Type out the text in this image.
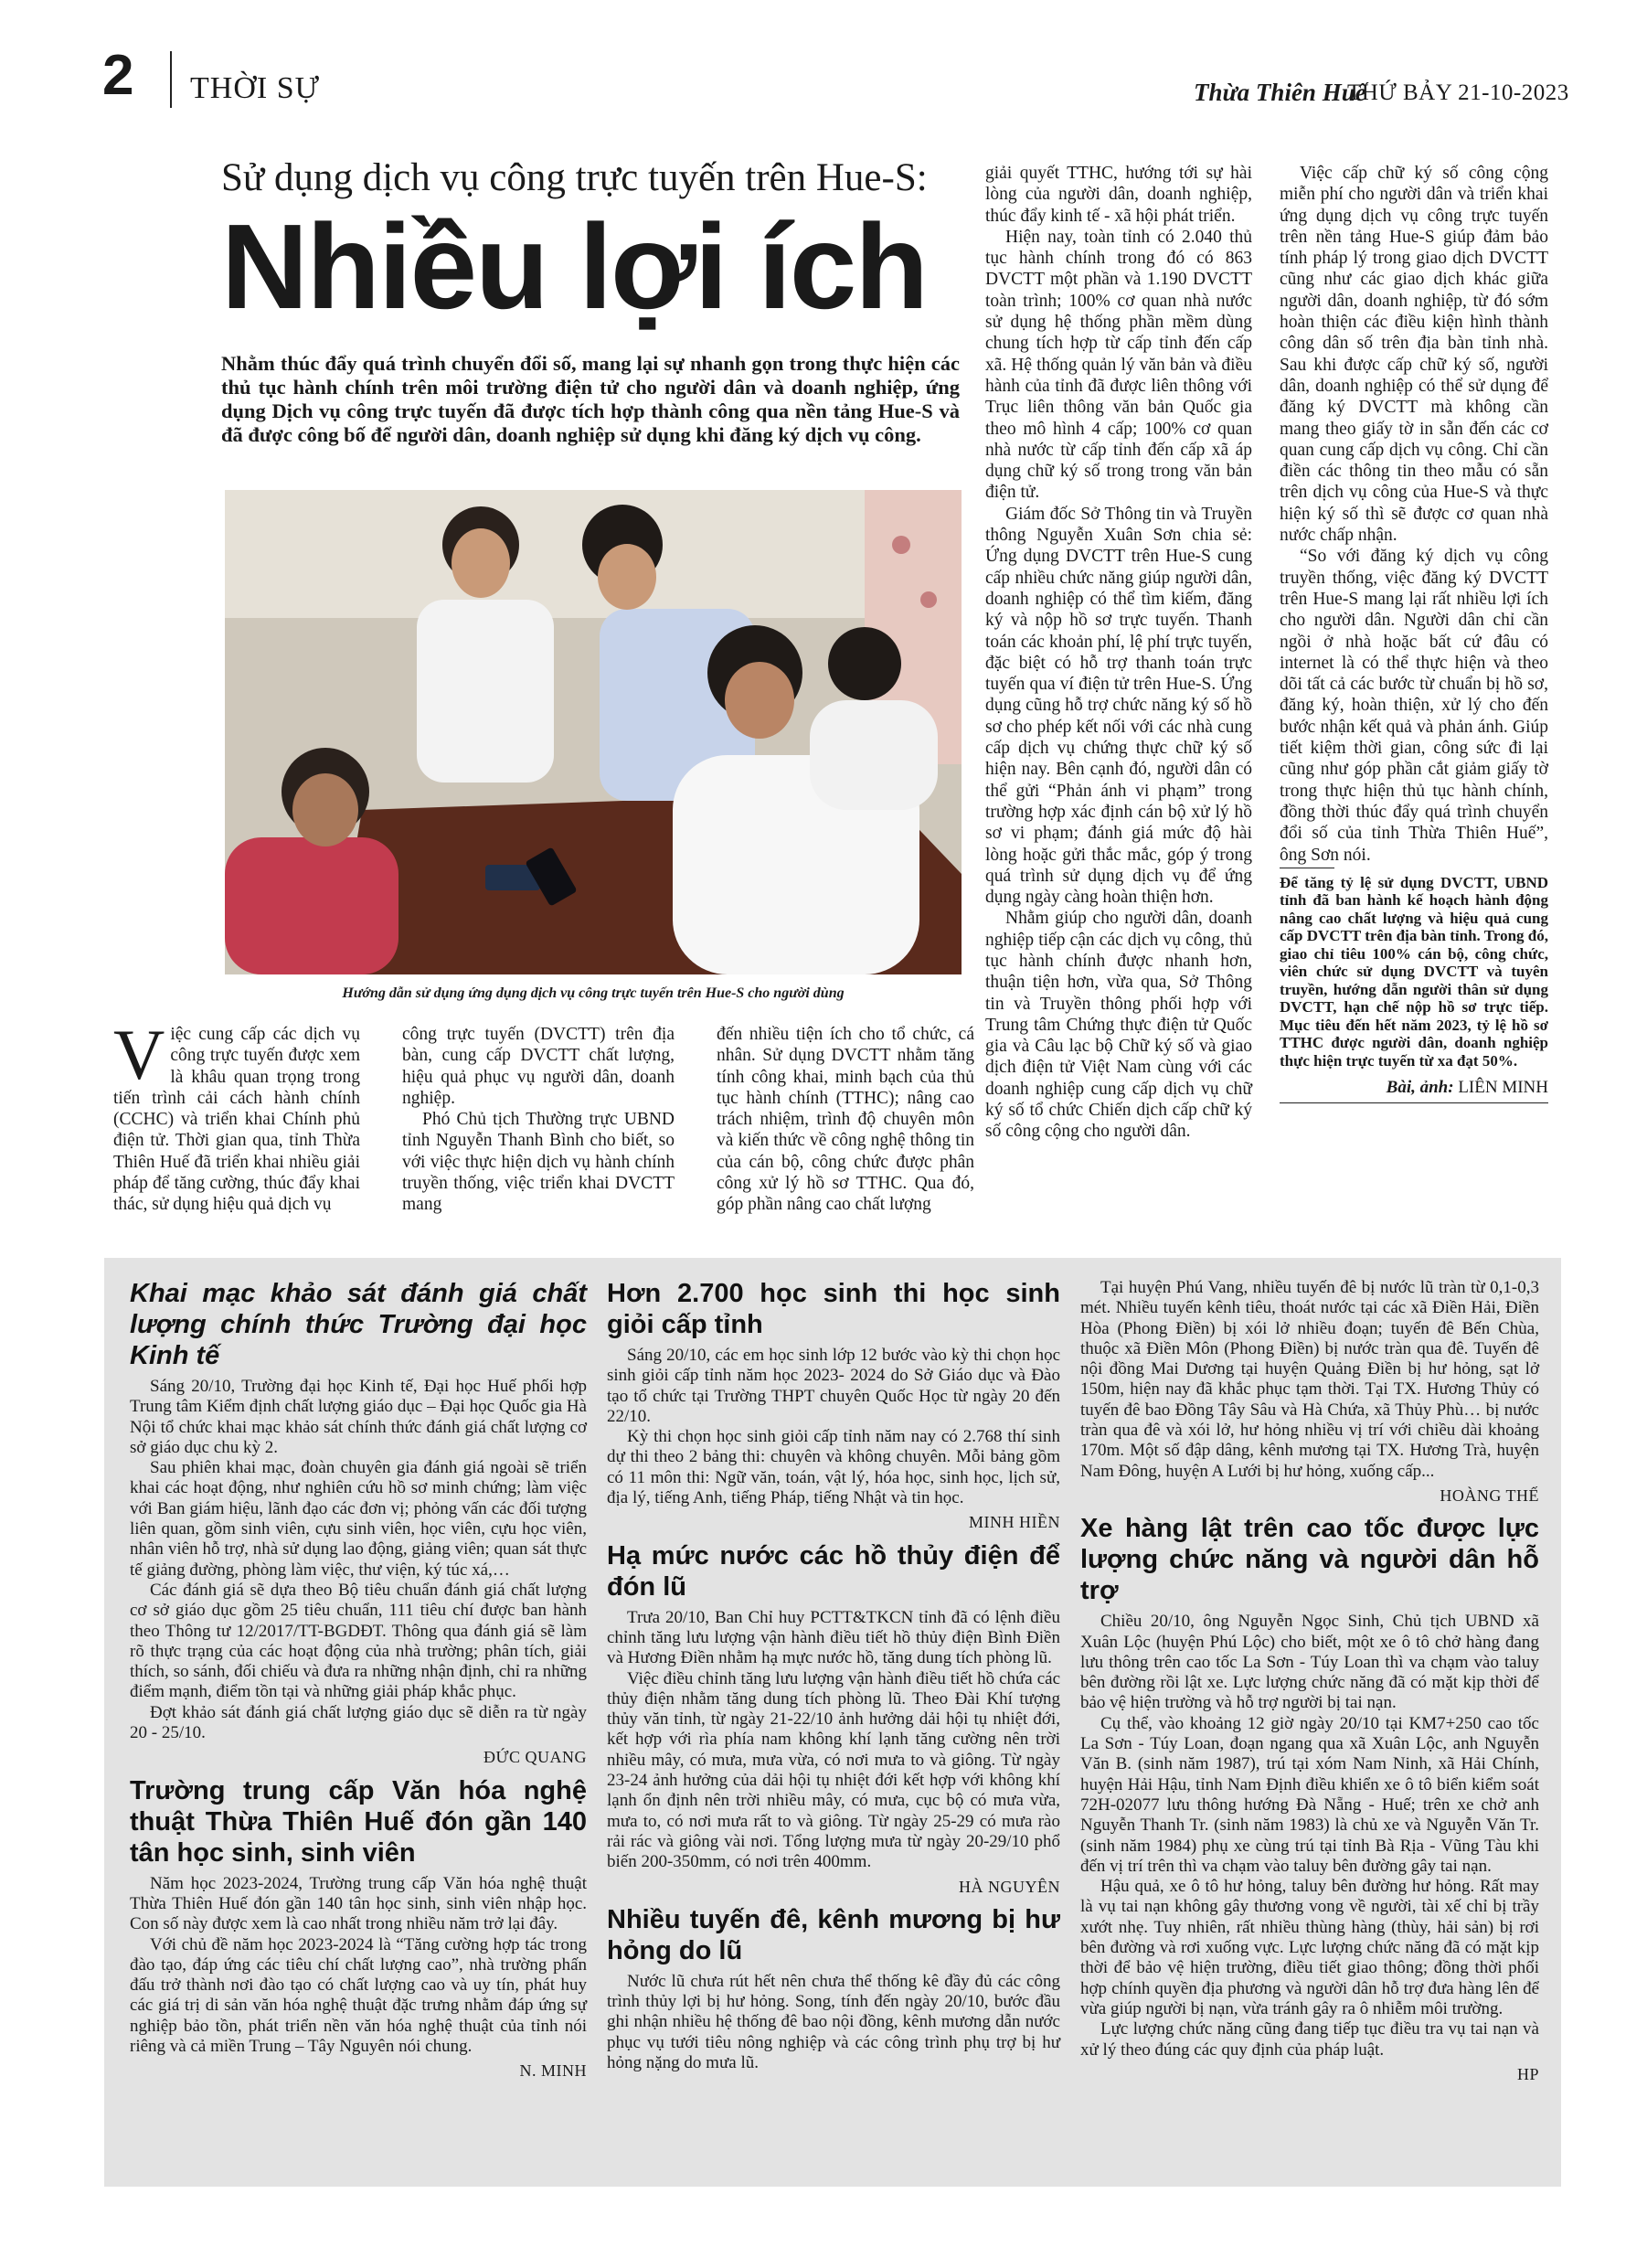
2 THỜI SỰ	Thừa Thiên Huế
THỨ BẢY 21-10-2023
Sử dụng dịch vụ công trực tuyến trên Hue-S:
Nhiều lợi ích
Nhằm thúc đẩy quá trình chuyển đổi số, mang lại sự nhanh gọn trong thực hiện các thủ tục hành chính trên môi trường điện tử cho người dân và doanh nghiệp, ứng dụng Dịch vụ công trực tuyến đã được tích hợp thành công qua nền tảng Hue-S và đã được công bố để người dân, doanh nghiệp sử dụng khi đăng ký dịch vụ công.
Hướng dẫn sử dụng ứng dụng dịch vụ công trực tuyến trên Hue-S cho người dùng

Việc cung cấp các dịch vụ công trực tuyến được xem là khâu quan trọng trong tiến trình cải cách hành chính (CCHC) và triển khai Chính phủ điện tử. Thời gian qua, tỉnh Thừa Thiên Huế đã triển khai nhiều giải pháp để tăng cường, thúc đẩy khai thác, sử dụng hiệu quả dịch vụ

công trực tuyến (DVCTT) trên địa bàn, cung cấp DVCTT chất lượng, hiệu quả phục vụ người dân, doanh nghiệp.

Phó Chủ tịch Thường trực UBND tỉnh Nguyễn Thanh Bình cho biết, so với việc thực hiện dịch vụ hành chính truyền thống, việc triển khai DVCTT mang

đến nhiều tiện ích cho tổ chức, cá nhân. Sử dụng DVCTT nhằm tăng tính công khai, minh bạch của thủ tục hành chính (TTHC); nâng cao trách nhiệm, trình độ chuyên môn và kiến thức về công nghệ thông tin của cán bộ, công chức được phân công xử lý hồ sơ TTHC. Qua đó, góp phần nâng cao chất lượng

giải quyết TTHC, hướng tới sự hài lòng của người dân, doanh nghiệp, thúc đẩy kinh tế - xã hội phát triển.

Hiện nay, toàn tỉnh có 2.040 thủ tục hành chính trong đó có 863 DVCTT một phần và 1.190 DVCTT toàn trình; 100% cơ quan nhà nước sử dụng hệ thống phần mềm dùng chung tích hợp từ cấp tỉnh đến cấp xã. Hệ thống quản lý văn bản và điều hành của tỉnh đã được liên thông với Trục liên thông văn bản Quốc gia theo mô hình 4 cấp; 100% cơ quan nhà nước từ cấp tỉnh đến cấp xã áp dụng chữ ký số trong trong văn bản điện tử.

Giám đốc Sở Thông tin và Truyền thông Nguyễn Xuân Sơn chia sẻ: Ứng dụng DVCTT trên Hue-S cung cấp nhiều chức năng giúp người dân, doanh nghiệp có thể tìm kiếm, đăng ký và nộp hồ sơ trực tuyến. Thanh toán các khoản phí, lệ phí trực tuyến, đặc biệt có hỗ trợ thanh toán trực tuyến qua ví điện tử trên Hue-S. Ứng dụng cũng hỗ trợ chức năng ký số hồ sơ cho phép kết nối với các nhà cung cấp dịch vụ chứng thực chữ ký số hiện nay. Bên cạnh đó, người dân có thể gửi “Phản ánh vi phạm” trong trường hợp xác định cán bộ xử lý hồ sơ vi phạm; đánh giá mức độ hài lòng hoặc gửi thắc mắc, góp ý trong quá trình sử dụng dịch vụ để ứng dụng ngày càng hoàn thiện hơn.

Nhằm giúp cho người dân, doanh nghiệp tiếp cận các dịch vụ công, thủ tục hành chính được nhanh hơn, thuận tiện hơn, vừa qua, Sở Thông tin và Truyền thông phối hợp với Trung tâm Chứng thực điện tử Quốc gia và Câu lạc bộ Chữ ký số và giao dịch điện tử Việt Nam cùng với các doanh nghiệp cung cấp dịch vụ chữ ký số tổ chức Chiến dịch cấp chữ ký số công cộng cho người dân.

Việc cấp chữ ký số công cộng miễn phí cho người dân và triển khai ứng dụng dịch vụ công trực tuyến trên nền tảng Hue-S giúp đảm bảo tính pháp lý trong giao dịch DVCTT cũng như các giao dịch khác giữa người dân, doanh nghiệp, từ đó sớm hoàn thiện các điều kiện hình thành công dân số trên địa bàn tỉnh nhà. Sau khi được cấp chữ ký số, người dân, doanh nghiệp có thể sử dụng để đăng ký DVCTT mà không cần mang theo giấy tờ in sẵn đến các cơ quan cung cấp dịch vụ công. Chỉ cần điền các thông tin theo mẫu có sẵn trên dịch vụ công của Hue-S và thực hiện ký số thì sẽ được cơ quan nhà nước chấp nhận.

“So với đăng ký dịch vụ công truyền thống, việc đăng ký DVCTT trên Hue-S mang lại rất nhiều lợi ích cho người dân. Người dân chỉ cần ngồi ở nhà hoặc bất cứ đâu có internet là có thể thực hiện và theo dõi tất cả các bước từ chuẩn bị hồ sơ, đăng ký, hoàn thiện, xử lý cho đến bước nhận kết quả và phản ánh. Giúp tiết kiệm thời gian, công sức đi lại cũng như góp phần cắt giảm giấy tờ trong thực hiện thủ tục hành chính, đồng thời thúc đẩy quá trình chuyển đổi số của tỉnh Thừa Thiên Huế”, ông Sơn nói.

Để tăng tỷ lệ sử dụng DVCTT, UBND tỉnh đã ban hành kế hoạch hành động nâng cao chất lượng và hiệu quả cung cấp DVCTT trên địa bàn tỉnh. Trong đó, giao chỉ tiêu 100% cán bộ, công chức, viên chức sử dụng DVCTT và tuyên truyền, hướng dẫn người thân sử dụng DVCTT, hạn chế nộp hồ sơ trực tiếp. Mục tiêu đến hết năm 2023, tỷ lệ hồ sơ TTHC được người dân, doanh nghiệp thực hiện trực tuyến từ xa đạt 50%.
Bài, ảnh: LIÊN MINH
Khai mạc khảo sát đánh giá chất lượng chính thức Trường đại học Kinh tế

Sáng 20/10, Trường đại học Kinh tế, Đại học Huế phối hợp Trung tâm Kiểm định chất lượng giáo dục – Đại học Quốc gia Hà Nội tổ chức khai mạc khảo sát chính thức đánh giá chất lượng cơ sở giáo dục chu kỳ 2.

Sau phiên khai mạc, đoàn chuyên gia đánh giá ngoài sẽ triển khai các hoạt động, như nghiên cứu hồ sơ minh chứng; làm việc với Ban giám hiệu, lãnh đạo các đơn vị; phỏng vấn các đối tượng liên quan, gồm sinh viên, cựu sinh viên, học viên, cựu học viên, nhân viên hỗ trợ, nhà sử dụng lao động, giảng viên; quan sát thực tế giảng đường, phòng làm việc, thư viện, ký túc xá,…

Các đánh giá sẽ dựa theo Bộ tiêu chuẩn đánh giá chất lượng cơ sở giáo dục gồm 25 tiêu chuẩn, 111 tiêu chí được ban hành theo Thông tư 12/2017/TT-BGDĐT. Thông qua đánh giá sẽ làm rõ thực trạng của các hoạt động của nhà trường; phân tích, giải thích, so sánh, đối chiếu và đưa ra những nhận định, chỉ ra những điểm mạnh, điểm tồn tại và những giải pháp khắc phục.

Đợt khảo sát đánh giá chất lượng giáo dục sẽ diễn ra từ ngày 20 - 25/10.

ĐỨC QUANG

Trường trung cấp Văn hóa nghệ thuật Thừa Thiên Huế đón gần 140 tân học sinh, sinh viên

Năm học 2023-2024, Trường trung cấp Văn hóa nghệ thuật Thừa Thiên Huế đón gần 140 tân học sinh, sinh viên nhập học. Con số này được xem là cao nhất trong nhiều năm trở lại đây.

Với chủ đề năm học 2023-2024 là “Tăng cường hợp tác trong đào tạo, đáp ứng các tiêu chí chất lượng cao”, nhà trường phấn đấu trở thành nơi đào tạo có chất lượng cao và uy tín, phát huy các giá trị di sản văn hóa nghệ thuật đặc trưng nhằm đáp ứng sự nghiệp bảo tồn, phát triển nền văn hóa nghệ thuật của tỉnh nói riêng và cả miền Trung – Tây Nguyên nói chung.

N. MINH

Hơn 2.700 học sinh thi học sinh giỏi cấp tỉnh

Sáng 20/10, các em học sinh lớp 12 bước vào kỳ thi chọn học sinh giỏi cấp tỉnh năm học 2023- 2024 do Sở Giáo dục và Đào tạo tổ chức tại Trường THPT chuyên Quốc Học từ ngày 20 đến 22/10.

Kỳ thi chọn học sinh giỏi cấp tỉnh năm nay có 2.768 thí sinh dự thi theo 2 bảng thi: chuyên và không chuyên. Mỗi bảng gồm có 11 môn thi: Ngữ văn, toán, vật lý, hóa học, sinh học, lịch sử, địa lý, tiếng Anh, tiếng Pháp, tiếng Nhật và tin học.

MINH HIỀN

Hạ mức nước các hồ thủy điện để đón lũ

Trưa 20/10, Ban Chỉ huy PCTT&TKCN tỉnh đã có lệnh điều chỉnh tăng lưu lượng vận hành điều tiết hồ thủy điện Bình Điền và Hương Điền nhằm hạ mực nước hồ, tăng dung tích phòng lũ.

Việc điều chỉnh tăng lưu lượng vận hành điều tiết hồ chứa các thủy điện nhằm tăng dung tích phòng lũ. Theo Đài Khí tượng thủy văn tỉnh, từ ngày 21-22/10 ảnh hưởng dải hội tụ nhiệt đới, kết hợp với rìa phía nam không khí lạnh tăng cường nên trời nhiều mây, có mưa, mưa vừa, có nơi mưa to và giông. Từ ngày 23-24 ảnh hưởng của dải hội tụ nhiệt đới kết hợp với không khí lạnh ổn định nên trời nhiều mây, có mưa, cục bộ có mưa vừa, mưa to, có nơi mưa rất to và giông. Từ ngày 25-29 có mưa rào rải rác và giông vài nơi. Tổng lượng mưa từ ngày 20-29/10 phổ biến 200-350mm, có nơi trên 400mm.

HÀ NGUYÊN

Nhiều tuyến đê, kênh mương bị hư hỏng do lũ

Nước lũ chưa rút hết nên chưa thể thống kê đầy đủ các công trình thủy lợi bị hư hỏng. Song, tính đến ngày 20/10, bước đầu ghi nhận nhiều hệ thống đê bao nội đồng, kênh mương dẫn nước phục vụ tưới tiêu nông nghiệp và các công trình phụ trợ bị hư hỏng nặng do mưa lũ.

Tại huyện Phú Vang, nhiều tuyến đê bị nước lũ tràn từ 0,1-0,3 mét. Nhiều tuyến kênh tiêu, thoát nước tại các xã Điền Hải, Điền Hòa (Phong Điền) bị xói lở nhiều đoạn; tuyến đê Bến Chùa, thuộc xã Điền Môn (Phong Điền) bị nước tràn qua đê. Tuyến đê nội đồng Mai Dương tại huyện Quảng Điền bị hư hỏng, sạt lở 150m, hiện nay đã khắc phục tạm thời. Tại TX. Hương Thủy có tuyến đê bao Đồng Tây Sâu và Hà Chứa, xã Thủy Phù… bị nước tràn qua đê và xói lở, hư hỏng nhiều vị trí với chiều dài khoảng 170m. Một số đập dâng, kênh mương tại TX. Hương Trà, huyện Nam Đông, huyện A Lưới bị hư hỏng, xuống cấp...

HOÀNG THẾ

Xe hàng lật trên cao tốc được lực lượng chức năng và người dân hỗ trợ

Chiều 20/10, ông Nguyễn Ngọc Sinh, Chủ tịch UBND xã Xuân Lộc (huyện Phú Lộc) cho biết, một xe ô tô chở hàng đang lưu thông trên cao tốc La Sơn - Túy Loan thì va chạm vào taluy bên đường rồi lật xe. Lực lượng chức năng đã có mặt kịp thời để bảo vệ hiện trường và hỗ trợ người bị tai nạn.

Cụ thể, vào khoảng 12 giờ ngày 20/10 tại KM7+250 cao tốc La Sơn - Túy Loan, đoạn ngang qua xã Xuân Lộc, anh Nguyễn Văn B. (sinh năm 1987), trú tại xóm Nam Ninh, xã Hải Chính, huyện Hải Hậu, tỉnh Nam Định điều khiển xe ô tô biển kiểm soát 72H-02077 lưu thông hướng Đà Nẵng - Huế; trên xe chở anh Nguyễn Thanh Tr. (sinh năm 1983) là chủ xe và Nguyễn Văn Tr. (sinh năm 1984) phụ xe cùng trú tại tỉnh Bà Rịa - Vũng Tàu khi đến vị trí trên thì va chạm vào taluy bên đường gây tai nạn.

Hậu quả, xe ô tô hư hỏng, taluy bên đường hư hỏng. Rất may là vụ tai nạn không gây thương vong về người, tài xế chỉ bị trầy xướt nhẹ. Tuy nhiên, rất nhiều thùng hàng (thùy, hải sản) bị rơi bên đường và rơi xuống vực. Lực lượng chức năng đã có mặt kịp thời để bảo vệ hiện trường, điều tiết giao thông; đồng thời phối hợp chính quyền địa phương và người dân hỗ trợ đưa hàng lên để vừa giúp người bị nạn, vừa tránh gây ra ô nhiễm môi trường.

Lực lượng chức năng cũng đang tiếp tục điều tra vụ tai nạn và xử lý theo đúng các quy định của pháp luật.

HP
